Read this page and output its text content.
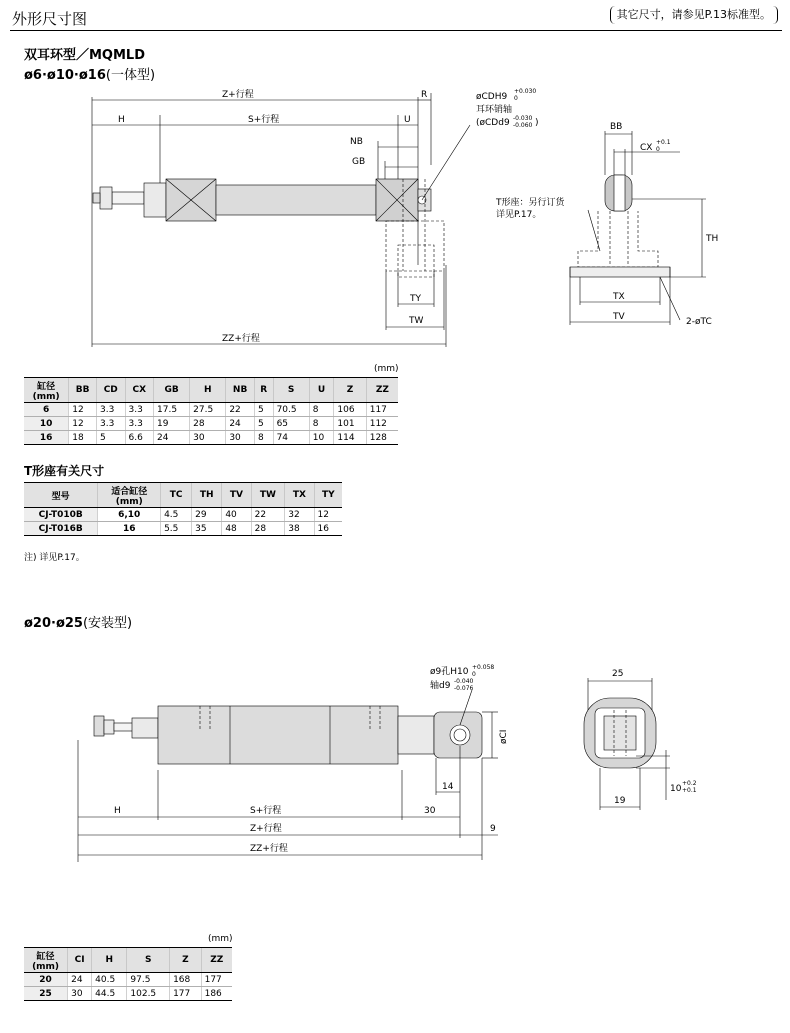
外形尺寸图	其它尺寸，请参见P.13标准型。
双耳环型／MQMLD
ø6·ø10·ø16(一体型)
Z+行程	R
H	S+行程	U
NB
GB
øCDH9
+0.030
0
耳环销轴
(øCDd9 -0.030
-0.060 )
TY
TW
ZZ+行程
BB
CX
+0.1
0
T形座：另行订货
详见P.17。
TH
TX
TV	2-øTC
(mm)
缸径
(mm)	BB	CD	CX	GB	H	NB	R	S	U	Z	ZZ
6	12	3.3	3.3	17.5	27.5	22	5	70.5	8	106	117
10	12	3.3	3.3	19	28	24	5	65	8	101	112
16	18	5	6.6	24	30	30	8	74	10	114	128
T形座有关尺寸
型号	适合缸径
(mm)	TC	TH	TV	TW	TX	TY
CJ-T010B	6,10	4.5	29	40	22	32	12
CJ-T016B	16	5.5	35	48	28	38	16
注) 详见P.17。
ø20·ø25(安装型)
ø9孔H10 +0.058
0
轴d9 -0.040
-0.076
øCI
14
H	S+行程	30
Z+行程	9
ZZ+行程
25
10
+0.2
+0.1
19
(mm)
缸径
(mm)	CI	H	S	Z	ZZ
20	24	40.5	97.5	168	177
25	30	44.5	102.5	177	186
